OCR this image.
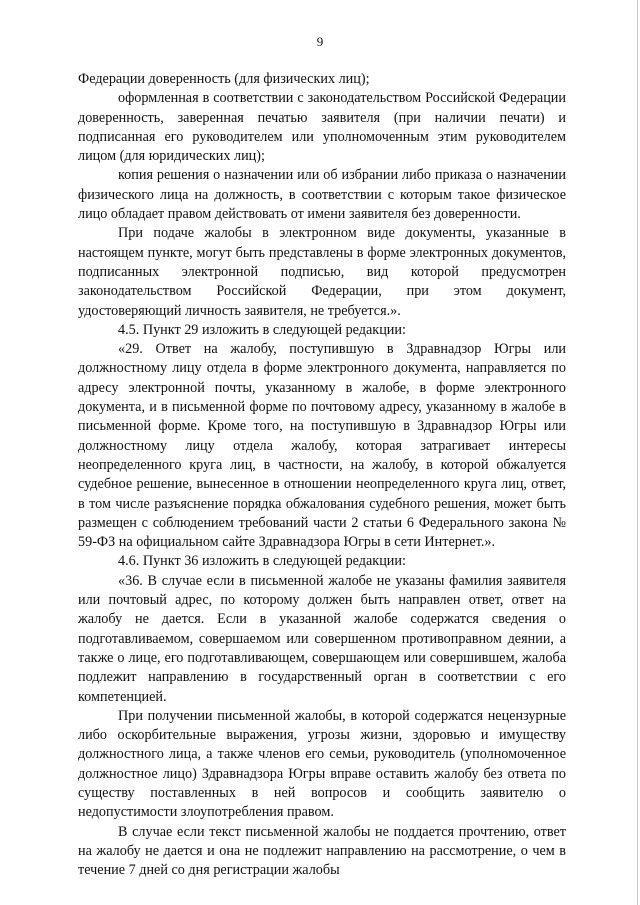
9

Федерации доверенность (для физических лиц);

оформленная в соответствии с законодательством Российской Федерации доверенность, заверенная печатью заявителя (при наличии печати) и подписанная его руководителем или уполномоченным этим руководителем лицом (для юридических лиц);

копия решения о назначении или об избрании либо приказа о назначении физического лица на должность, в соответствии с которым такое физическое лицо обладает правом действовать от имени заявителя без доверенности.

При подаче жалобы в электронном виде документы, указанные в настоящем пункте, могут быть представлены в форме электронных документов, подписанных электронной подписью, вид которой предусмотрен законодательством Российской Федерации, при этом документ, удостоверяющий личность заявителя, не требуется.».

4.5. Пункт 29 изложить в следующей редакции:

«29. Ответ на жалобу, поступившую в Здравнадзор Югры или должностному лицу отдела в форме электронного документа, направляется по адресу электронной почты, указанному в жалобе, в форме электронного документа, и в письменной форме по почтовому адресу, указанному в жалобе в письменной форме. Кроме того, на поступившую в Здравнадзор Югры или должностному лицу отдела жалобу, которая затрагивает интересы неопределенного круга лиц, в частности, на жалобу, в которой обжалуется судебное решение, вынесенное в отношении неопределенного круга лиц, ответ, в том числе разъяснение порядка обжалования судебного решения, может быть размещен с соблюдением требований части 2 статьи 6 Федерального закона № 59-ФЗ на официальном сайте Здравнадзора Югры в сети Интернет.».

4.6. Пункт 36 изложить в следующей редакции:

«36. В случае если в письменной жалобе не указаны фамилия заявителя или почтовый адрес, по которому должен быть направлен ответ, ответ на жалобу не дается. Если в указанной жалобе содержатся сведения о подготавливаемом, совершаемом или совершенном противоправном деянии, а также о лице, его подготавливающем, совершающем или совершившем, жалоба подлежит направлению в государственный орган в соответствии с его компетенцией.

При получении письменной жалобы, в которой содержатся нецензурные либо оскорбительные выражения, угрозы жизни, здоровью и имуществу должностного лица, а также членов его семьи, руководитель (уполномоченное должностное лицо) Здравнадзора Югры вправе оставить жалобу без ответа по существу поставленных в ней вопросов и сообщить заявителю о недопустимости злоупотребления правом.

В случае если текст письменной жалобы не поддается прочтению, ответ на жалобу не дается и она не подлежит направлению на рассмотрение, о чем в течение 7 дней со дня регистрации жалобы
